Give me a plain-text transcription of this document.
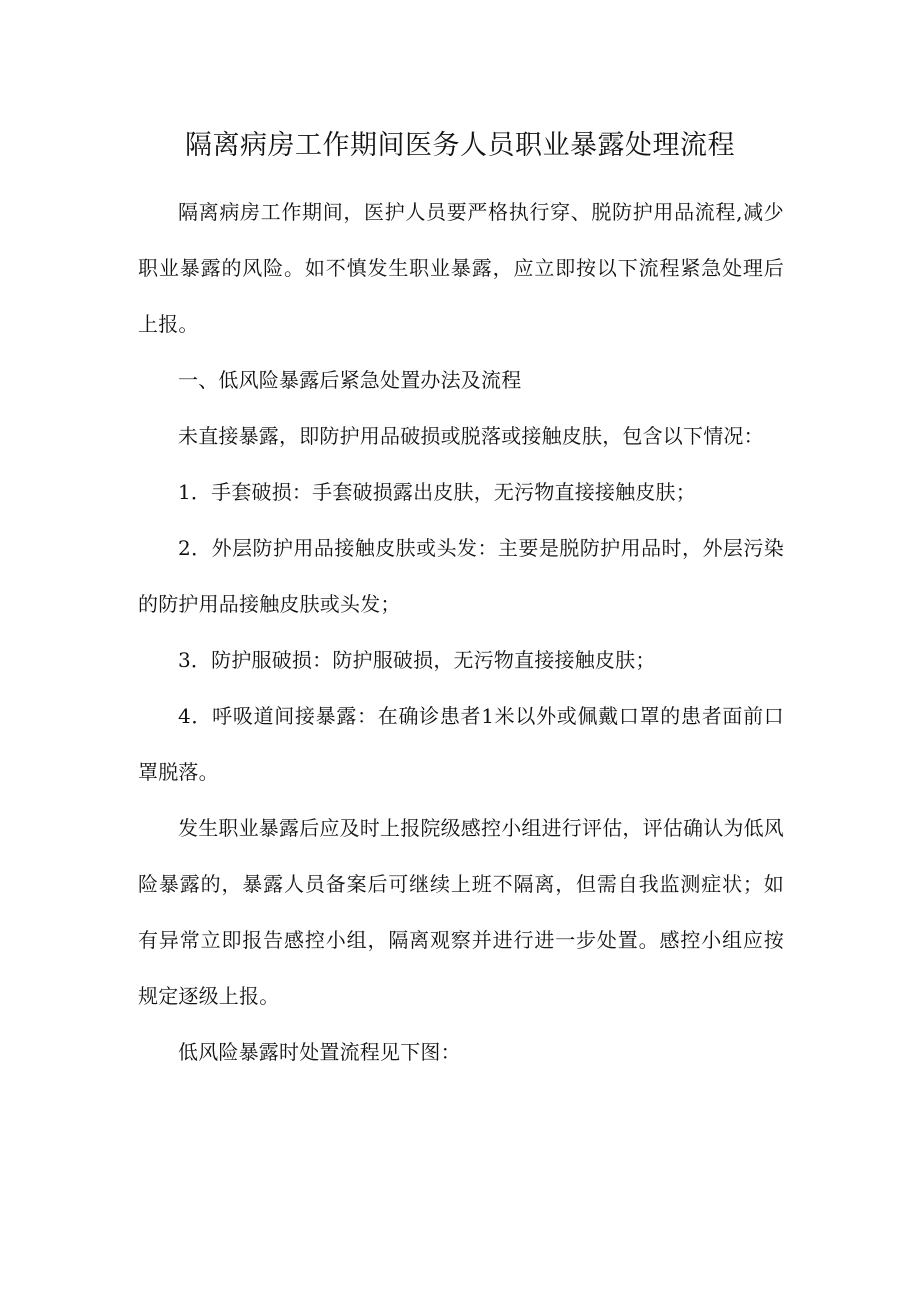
隔离病房工作期间医务人员职业暴露处理流程

隔离病房工作期间，医护人员要严格执行穿、脱防护用品流程,减少职业暴露的风险。如不慎发生职业暴露，应立即按以下流程紧急处理后上报。

一、低风险暴露后紧急处置办法及流程

未直接暴露，即防护用品破损或脱落或接触皮肤，包含以下情况：

1．手套破损：手套破损露出皮肤，无污物直接接触皮肤；

2．外层防护用品接触皮肤或头发：主要是脱防护用品时，外层污染的防护用品接触皮肤或头发；

3．防护服破损：防护服破损，无污物直接接触皮肤；

4．呼吸道间接暴露：在确诊患者1米以外或佩戴口罩的患者面前口罩脱落。

发生职业暴露后应及时上报院级感控小组进行评估，评估确认为低风险暴露的，暴露人员备案后可继续上班不隔离，但需自我监测症状；如有异常立即报告感控小组，隔离观察并进行进一步处置。感控小组应按规定逐级上报。

低风险暴露时处置流程见下图：
